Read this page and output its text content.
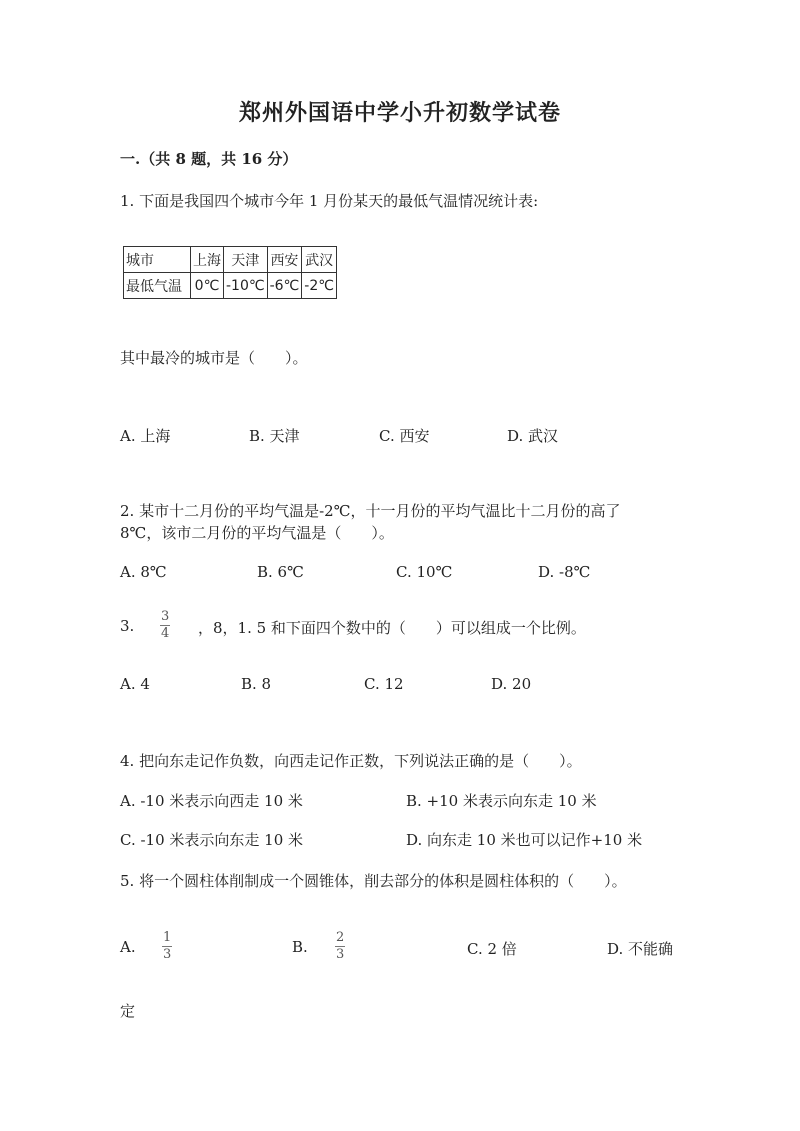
郑州外国语中学小升初数学试卷
一.（共 8 题，共 16 分）
1. 下面是我国四个城市今年 1 月份某天的最低气温情况统计表:
城市	上海	天津	西安	武汉
最低气温	0℃	-10℃	-6℃	-2℃
其中最冷的城市是（　　）。
A. 上海	B. 天津	C. 西安	D. 武汉
2. 某市十二月份的平均气温是-2℃，十一月份的平均气温比十二月份的高了
8℃，该市二月份的平均气温是（　　）。
A. 8℃	B. 6℃	C. 10℃	D. -8℃
3. $\frac{3}{4}$ ，8，1. 5 和下面四个数中的（　　）可以组成一个比例。
A. 4	B. 8	C. 12	D. 20
4. 把向东走记作负数，向西走记作正数，下列说法正确的是（　　）。
A. -10 米表示向西走 10 米	B. +10 米表示向东走 10 米
C. -10 米表示向东走 10 米	D. 向东走 10 米也可以记作+10 米
5. 将一个圆柱体削制成一个圆锥体，削去部分的体积是圆柱体积的（　　）。
A. $\frac{1}{3}$	B. $\frac{2}{3}$	C. 2 倍	D. 不能确
定
